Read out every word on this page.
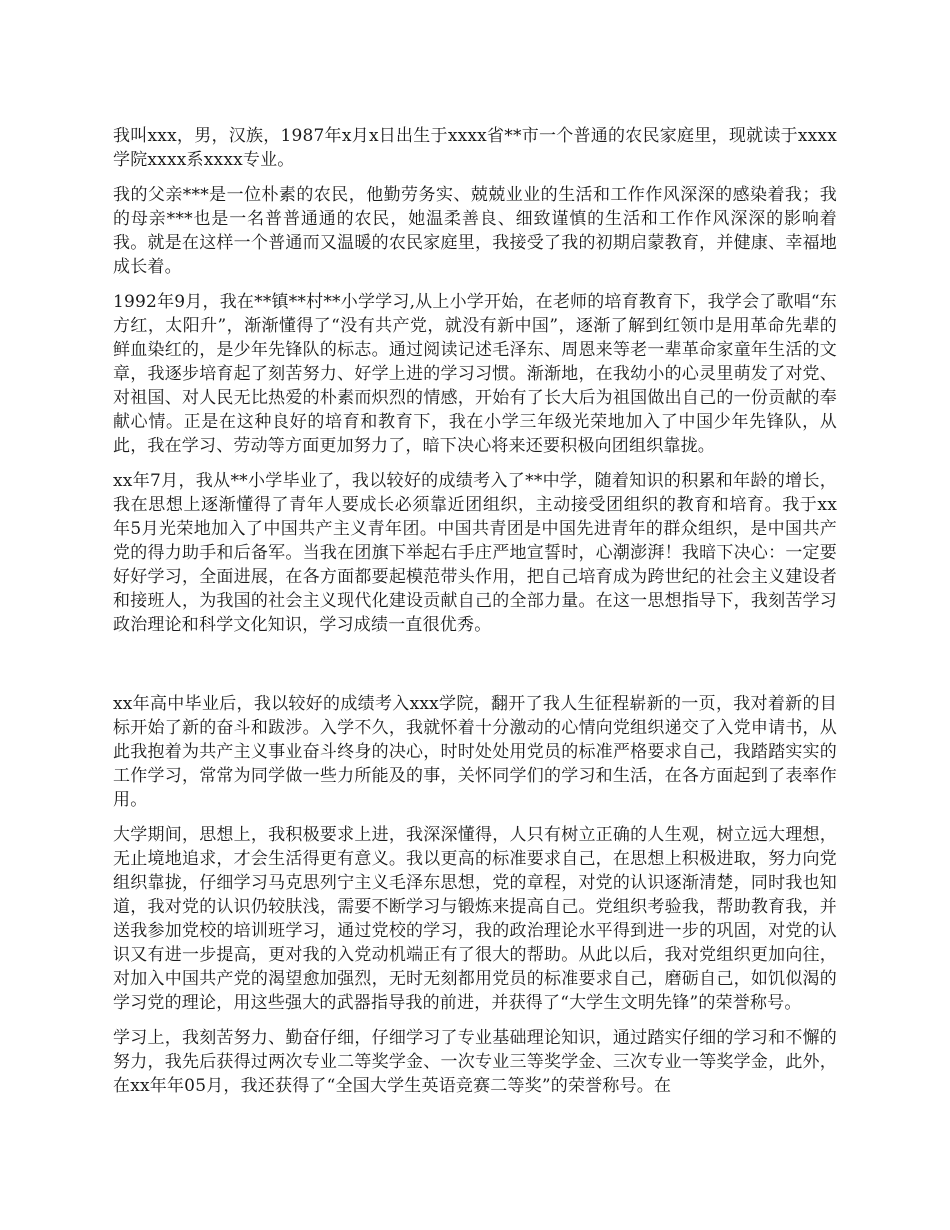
我叫xxx，男，汉族，1987年x月x日出生于xxxx省**市一个普通的农民家庭里，现就读于xxxx学院xxxx系xxxx专业。

我的父亲***是一位朴素的农民，他勤劳务实、兢兢业业的生活和工作作风深深的感染着我；我的母亲***也是一名普普通通的农民，她温柔善良、细致谨慎的生活和工作作风深深的影响着我。就是在这样一个普通而又温暖的农民家庭里，我接受了我的初期启蒙教育，并健康、幸福地成长着。

1992年9月，我在**镇**村**小学学习,从上小学开始，在老师的培育教育下，我学会了歌唱“东方红，太阳升”，渐渐懂得了“没有共产党，就没有新中国”，逐渐了解到红领巾是用革命先辈的鲜血染红的，是少年先锋队的标志。通过阅读记述毛泽东、周恩来等老一辈革命家童年生活的文章，我逐步培育起了刻苦努力、好学上进的学习习惯。渐渐地，在我幼小的心灵里萌发了对党、对祖国、对人民无比热爱的朴素而炽烈的情感，开始有了长大后为祖国做出自己的一份贡献的奉献心情。正是在这种良好的培育和教育下，我在小学三年级光荣地加入了中国少年先锋队，从此，我在学习、劳动等方面更加努力了，暗下决心将来还要积极向团组织靠拢。

xx年7月，我从**小学毕业了，我以较好的成绩考入了**中学，随着知识的积累和年龄的增长，我在思想上逐渐懂得了青年人要成长必须靠近团组织，主动接受团组织的教育和培育。我于xx年5月光荣地加入了中国共产主义青年团。中国共青团是中国先进青年的群众组织，是中国共产党的得力助手和后备军。当我在团旗下举起右手庄严地宣誓时，心潮澎湃！我暗下决心：一定要好好学习，全面进展，在各方面都要起模范带头作用，把自己培育成为跨世纪的社会主义建设者和接班人，为我国的社会主义现代化建设贡献自己的全部力量。在这一思想指导下，我刻苦学习政治理论和科学文化知识，学习成绩一直很优秀。

xx年高中毕业后，我以较好的成绩考入xxx学院，翻开了我人生征程崭新的一页，我对着新的目标开始了新的奋斗和跋涉。入学不久，我就怀着十分激动的心情向党组织递交了入党申请书，从此我抱着为共产主义事业奋斗终身的决心，时时处处用党员的标准严格要求自己，我踏踏实实的工作学习，常常为同学做一些力所能及的事，关怀同学们的学习和生活，在各方面起到了表率作用。

大学期间，思想上，我积极要求上进，我深深懂得，人只有树立正确的人生观，树立远大理想，无止境地追求，才会生活得更有意义。我以更高的标准要求自己，在思想上积极进取，努力向党组织靠拢，仔细学习马克思列宁主义毛泽东思想，党的章程，对党的认识逐渐清楚，同时我也知道，我对党的认识仍较肤浅，需要不断学习与锻炼来提高自己。党组织考验我，帮助教育我，并送我参加党校的培训班学习，通过党校的学习，我的政治理论水平得到进一步的巩固，对党的认识又有进一步提高，更对我的入党动机端正有了很大的帮助。从此以后，我对党组织更加向往，对加入中国共产党的渴望愈加强烈，无时无刻都用党员的标准要求自己，磨砺自己，如饥似渴的学习党的理论，用这些强大的武器指导我的前进，并获得了“大学生文明先锋”的荣誉称号。

学习上，我刻苦努力、勤奋仔细，仔细学习了专业基础理论知识，通过踏实仔细的学习和不懈的努力，我先后获得过两次专业二等奖学金、一次专业三等奖学金、三次专业一等奖学金，此外，在xx年年05月，我还获得了“全国大学生英语竞赛二等奖”的荣誉称号。在
